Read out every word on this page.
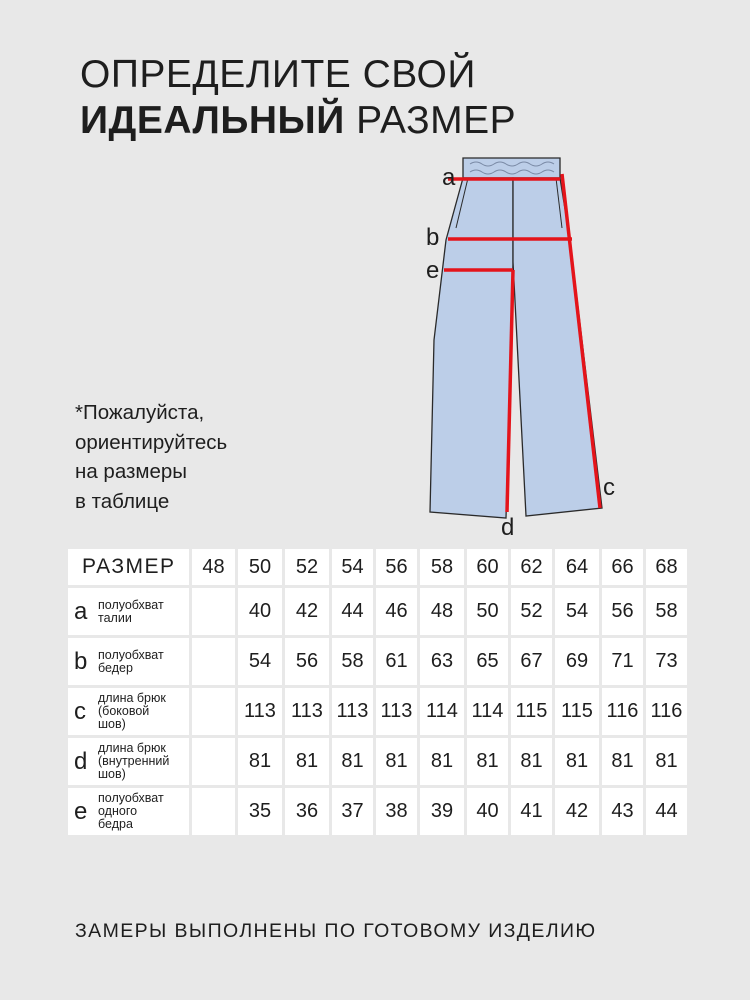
ОПРЕДЕЛИТЕ СВОЙ
ИДЕАЛЬНЫЙ РАЗМЕР
*Пожалуйста,
ориентируйтесь
на размеры
в таблице
a
b
e
c
d
РАЗМЕР	48	50	52	54	56	58	60	62	64	66	68

a полуобхват
талии		40	42	44	46	48	50	52	54	56	58

b полуобхват
бедер		54	56	58	61	63	65	67	69	71	73

c длина брюк
(боковой
шов)		113	113	113	113	114	114	115	115	116	116

d длина брюк
(внутренний
шов)		81	81	81	81	81	81	81	81	81	81

e полуобхват
одного
бедра		35	36	37	38	39	40	41	42	43	44
ЗАМЕРЫ ВЫПОЛНЕНЫ ПО ГОТОВОМУ ИЗДЕЛИЮ
